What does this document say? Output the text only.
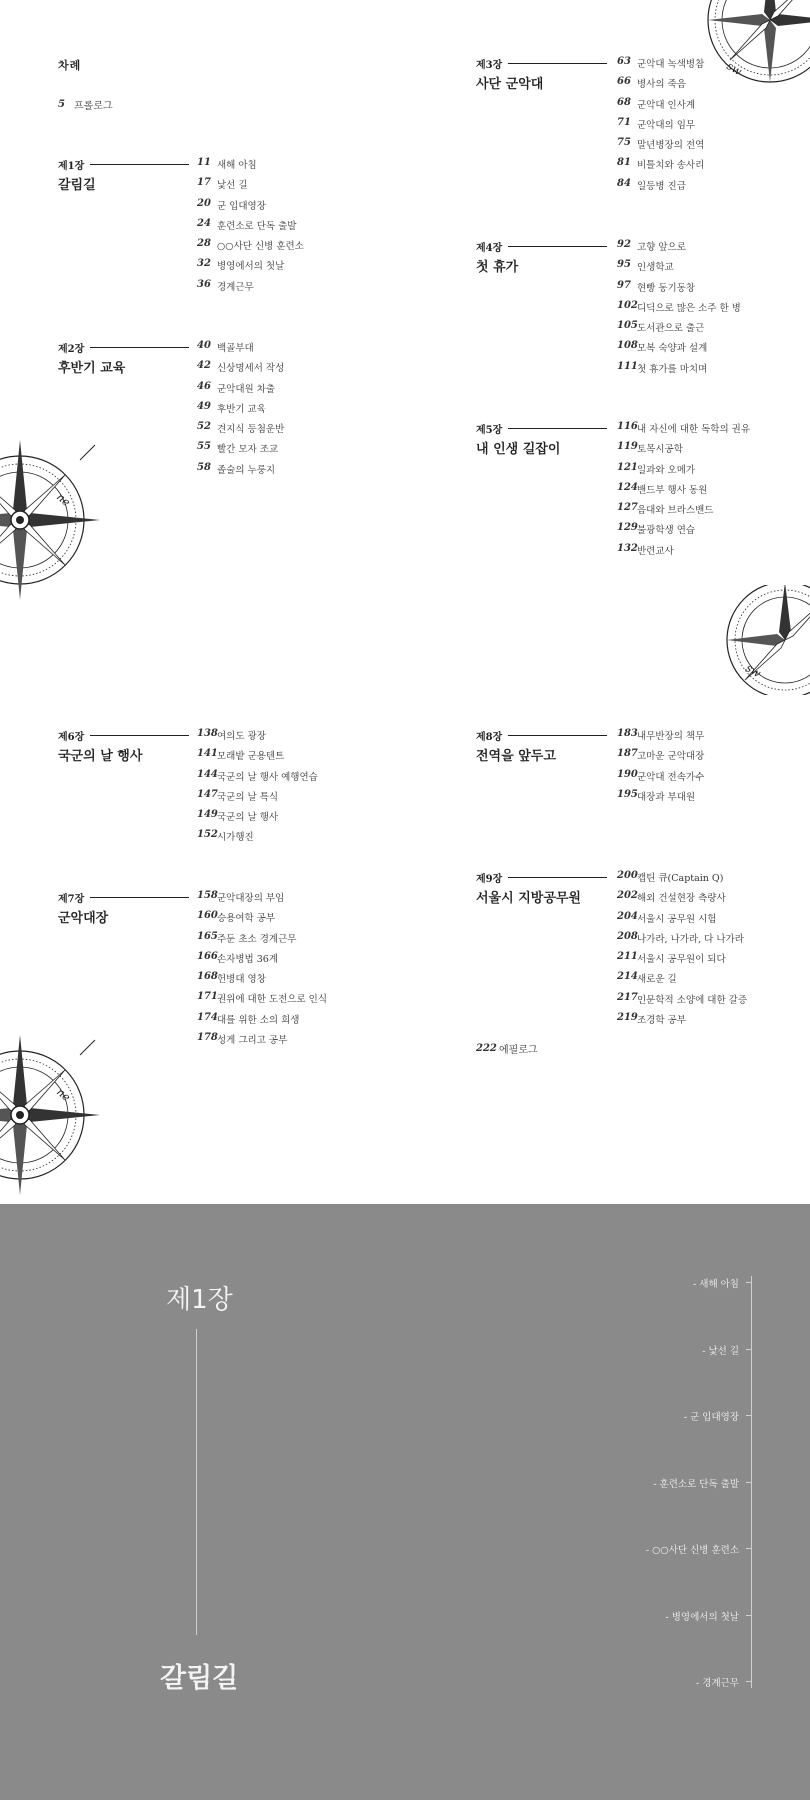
sw
ne
sw
ne
차례
5 프롤로그
제1장
갈림길
11 새해 아침
17 낯선 길
20 군 입대영장
24 훈련소로 단독 출발
28 ○○사단 신병 훈련소
32 병영에서의 첫날
36 경계근무
제2장
후반기 교육
40 백골부대
42 신상명세서 작성
46 군악대원 차출
49 후반기 교육
52 견지식 등첨운반
55 빨간 모자 조교
58 졸술의 누룽지
제3장
사단 군악대
63 군악대 녹색병참
66 병사의 죽음
68 군악대 인사계
71 군악대의 임무
75 말년병장의 전역
81 비틀치와 송사리
84 일등병 진급
제4장
첫 휴가
92 고향 앞으로
95 인생학교
97 현빵 동기동창
102 디딕으로 많은 소주 한 병
105 도서관으로 출근
108 모복 숙양과 설계
111 첫 휴가를 마치며
제5장
내 인생 길잡이
116 내 자신에 대한 독학의 권유
119 토목시공학
121 일과와 오메가
124 밴드부 행사 동원
127 음대와 브라스밴드
129 불광학생 연습
132 반련교사
제6장
국군의 날 행사
138 여의도 광장
141 모래밭 군용텐트
144 국군의 날 행사 예행연습
147 국군의 날 특식
149 국군의 날 행사
152 시가행진
제7장
군악대장
158 군악대장의 부임
160 승용여학 공부
165 주둔 초소 경계근무
166 손자병법 36계
168 헌병대 영창
171 권위에 대한 도전으로 인식
174 대를 위한 소의 희생
178 성게 그리고 공부
제8장
전역을 앞두고
183 내무반장의 책무
187 고마운 군악대장
190 군악대 전속가수
195 대장과 부대원
제9장
서울시 지방공무원
200 캡틴 큐(Captain Q)
202 해외 건설현장 측량사
204 서울시 공무원 시험
208 나가라, 나가라, 다 나가라
211 서울시 공무원이 되다
214 새로운 길
217 인문학적 소양에 대한 갈증
219 조경학 공부
222 에필로그
제1장
갈림길
- 새해 아침
- 낯선 길
- 군 입대영장
- 훈련소로 단독 출발
- ○○사단 신병 훈련소
- 병영에서의 첫날
- 경계근무
